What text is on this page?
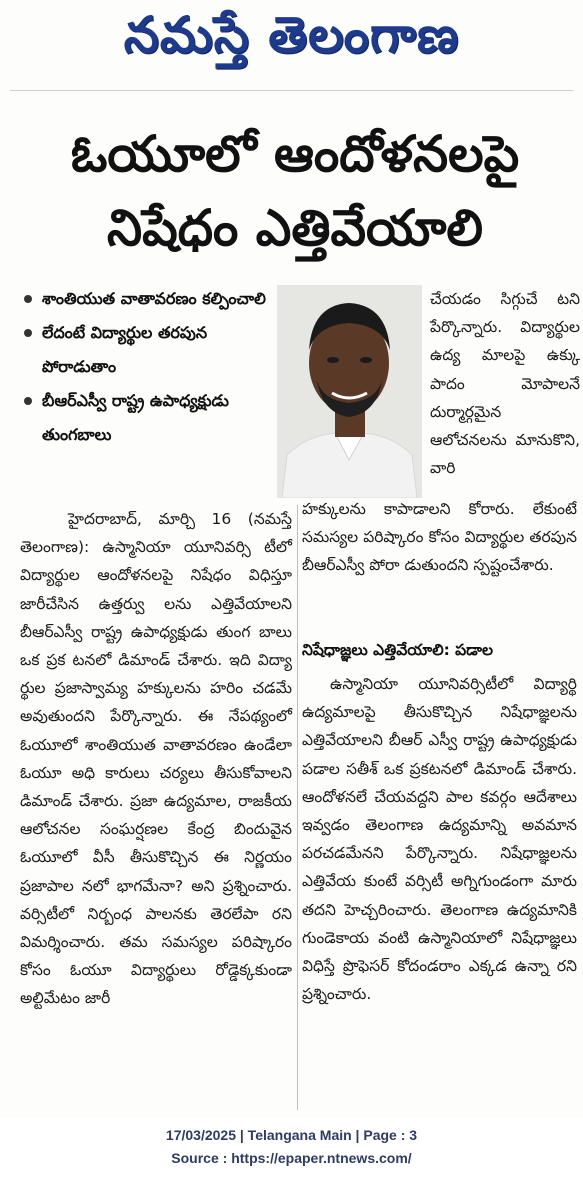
నమస్తే తెలంగాణ
ఓయూలో ఆందోళనలపై
నిషేధం ఎత్తివేయాలి
శాంతియుత వాతావరణం కల్పించాలి
లేదంటే విద్యార్థుల తరపున పోరాడుతాం
బీఆర్ఎస్వీ రాష్ట్ర ఉపాధ్యక్షుడు తుంగబాలు
చేయడం సిగ్గుచే టని పేర్కొన్నారు. విద్యార్థుల ఉద్య మాలపై ఉక్కు పాదం మోపాలనే దుర్మార్గమైన ఆలోచనలను మానుకొని, వారి
హైదరాబాద్, మార్చి 16 (నమస్తే తెలంగాణ): ఉస్మానియా యూనివర్సి టీలో విద్యార్థుల ఆందోళనలపై నిషేధం విధిస్తూ జారీచేసిన ఉత్తర్వు లను ఎత్తివేయాలని బీఆర్ఎస్వీ రాష్ట్ర ఉపాధ్యక్షుడు తుంగ బాలు ఒక ప్రక టనలో డిమాండ్ చేశారు. ఇది విద్యా ర్థుల ప్రజాస్వామ్య హక్కులను హరిం చడమే అవుతుందని పేర్కొన్నారు. ఈ నేపథ్యంలో ఓయూలో శాంతియుత వాతావరణం ఉండేలా ఓయూ అధి కారులు చర్యలు తీసుకోవాలని డిమాండ్ చేశారు. ప్రజా ఉద్యమాల, రాజకీయ ఆలోచనల సంఘర్షణల కేంద్ర బిందువైన ఓయూలో వీసీ తీసుకొచ్చిన ఈ నిర్ణయం ప్రజాపాల నలో భాగమేనా? అని ప్రశ్నించారు. వర్సిటీలో నిర్బంధ పాలనకు తెరలేపా రని విమర్శించారు. తమ సమస్యల పరిష్కారం కోసం ఓయూ విద్యార్థులు రోడ్డెక్కకుండా అల్టిమేటం జారీ
హక్కులను కాపాడాలని కోరారు. లేకుంటే సమస్యల పరిష్కారం కోసం విద్యార్థుల తరపున బీఆర్ఎస్వీ పోరా డుతుందని స్పష్టంచేశారు.
నిషేధాజ్ఞలు ఎత్తివేయాలి: పడాల
ఉస్మానియా యూనివర్సిటీలో విద్యార్థి ఉద్యమాలపై తీసుకొచ్చిన నిషేధాజ్ఞలను ఎత్తివేయాలని బీఆర్ ఎస్వీ రాష్ట్ర ఉపాధ్యక్షుడు పడాల సతీశ్ ఒక ప్రకటనలో డిమాండ్ చేశారు. ఆందోళనలే చేయవద్దని పాల కవర్గం ఆదేశాలు ఇవ్వడం తెలంగాణ ఉద్యమాన్ని అవమాన పరచడమేనని పేర్కొన్నారు. నిషేధాజ్ఞలను ఎత్తివేయ కుంటే వర్సిటీ అగ్నిగుండంగా మారు తదని హెచ్చరించారు. తెలంగాణ ఉద్యమానికి గుండెకాయ వంటి ఉస్మానియాలో నిషేధాజ్ఞలు విధిస్తే ప్రొఫెసర్ కోదండరాం ఎక్కడ ఉన్నా రని ప్రశ్నించారు.
17/03/2025 | Telangana Main | Page : 3
Source : https://epaper.ntnews.com/
